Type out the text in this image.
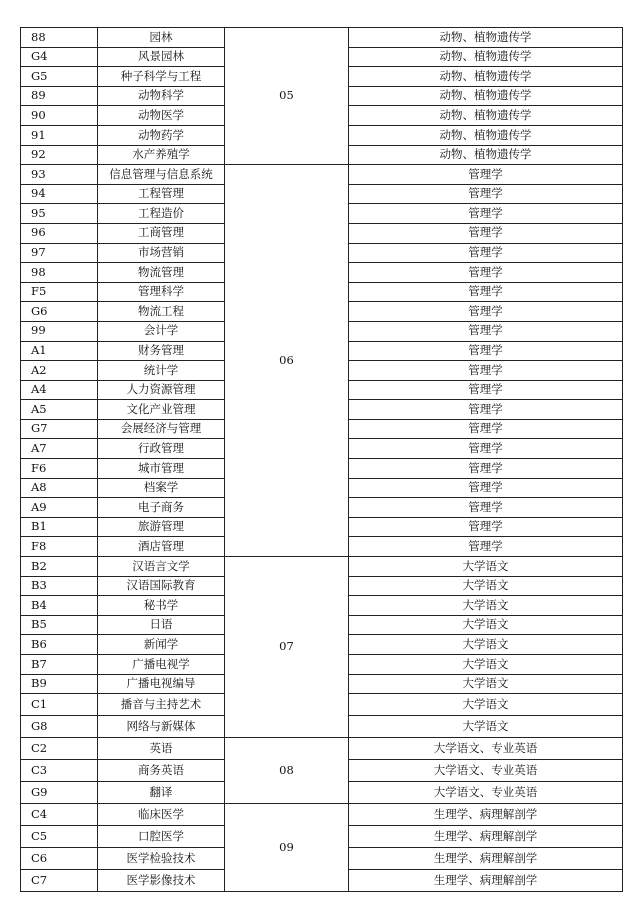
88	园林	05	动物、植物遗传学
G4	风景园林		动物、植物遗传学
G5	种子科学与工程		动物、植物遗传学
89	动物科学		动物、植物遗传学
90	动物医学		动物、植物遗传学
91	动物药学		动物、植物遗传学
92	水产养殖学		动物、植物遗传学
93	信息管理与信息系统	06	管理学
94	工程管理		管理学
95	工程造价		管理学
96	工商管理		管理学
97	市场营销		管理学
98	物流管理		管理学
F5	管理科学		管理学
G6	物流工程		管理学
99	会计学		管理学
A1	财务管理		管理学
A2	统计学		管理学
A4	人力资源管理		管理学
A5	文化产业管理		管理学
G7	会展经济与管理		管理学
A7	行政管理		管理学
F6	城市管理		管理学
A8	档案学		管理学
A9	电子商务		管理学
B1	旅游管理		管理学
F8	酒店管理		管理学
B2	汉语言文学	07	大学语文
B3	汉语国际教育		大学语文
B4	秘书学		大学语文
B5	日语		大学语文
B6	新闻学		大学语文
B7	广播电视学		大学语文
B9	广播电视编导		大学语文
C1	播音与主持艺术		大学语文
G8	网络与新媒体		大学语文
C2	英语	08	大学语文、专业英语
C3	商务英语		大学语文、专业英语
G9	翻译		大学语文、专业英语
C4	临床医学	09	生理学、病理解剖学
C5	口腔医学		生理学、病理解剖学
C6	医学检验技术		生理学、病理解剖学
C7	医学影像技术		生理学、病理解剖学
